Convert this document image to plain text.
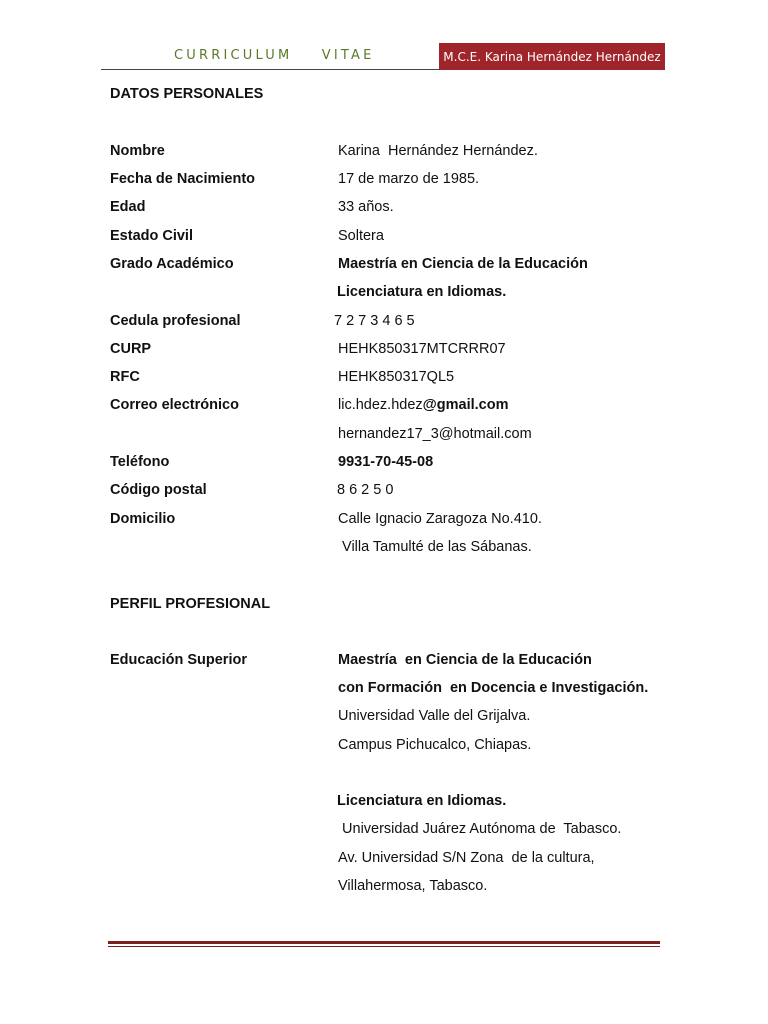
CURRICULUM    VITAE	M.C.E. Karina Hernández Hernández
DATOS PERSONALES
Nombre	Karina  Hernández Hernández.
Fecha de Nacimiento	17 de marzo de 1985.
Edad	33 años.
Estado Civil	Soltera
Grado Académico	Maestría en Ciencia de la Educación
Licenciatura en Idiomas.
Cedula profesional	7 2 7 3 4 6 5
CURP	HEHK850317MTCRRR07
RFC	HEHK850317QL5
Correo electrónico	lic.hdez.hdez@gmail.com
hernandez17_3@hotmail.com
Teléfono	9931-70-45-08
Código postal	8 6 2 5 0
Domicilio	Calle Ignacio Zaragoza No.410.
Villa Tamulté de las Sábanas.
PERFIL PROFESIONAL
Educación Superior	Maestría  en Ciencia de la Educación
con Formación  en Docencia e Investigación.
Universidad Valle del Grijalva.
Campus Pichucalco, Chiapas.
Licenciatura en Idiomas.
Universidad Juárez Autónoma de  Tabasco.
Av. Universidad S/N Zona  de la cultura,
Villahermosa, Tabasco.
